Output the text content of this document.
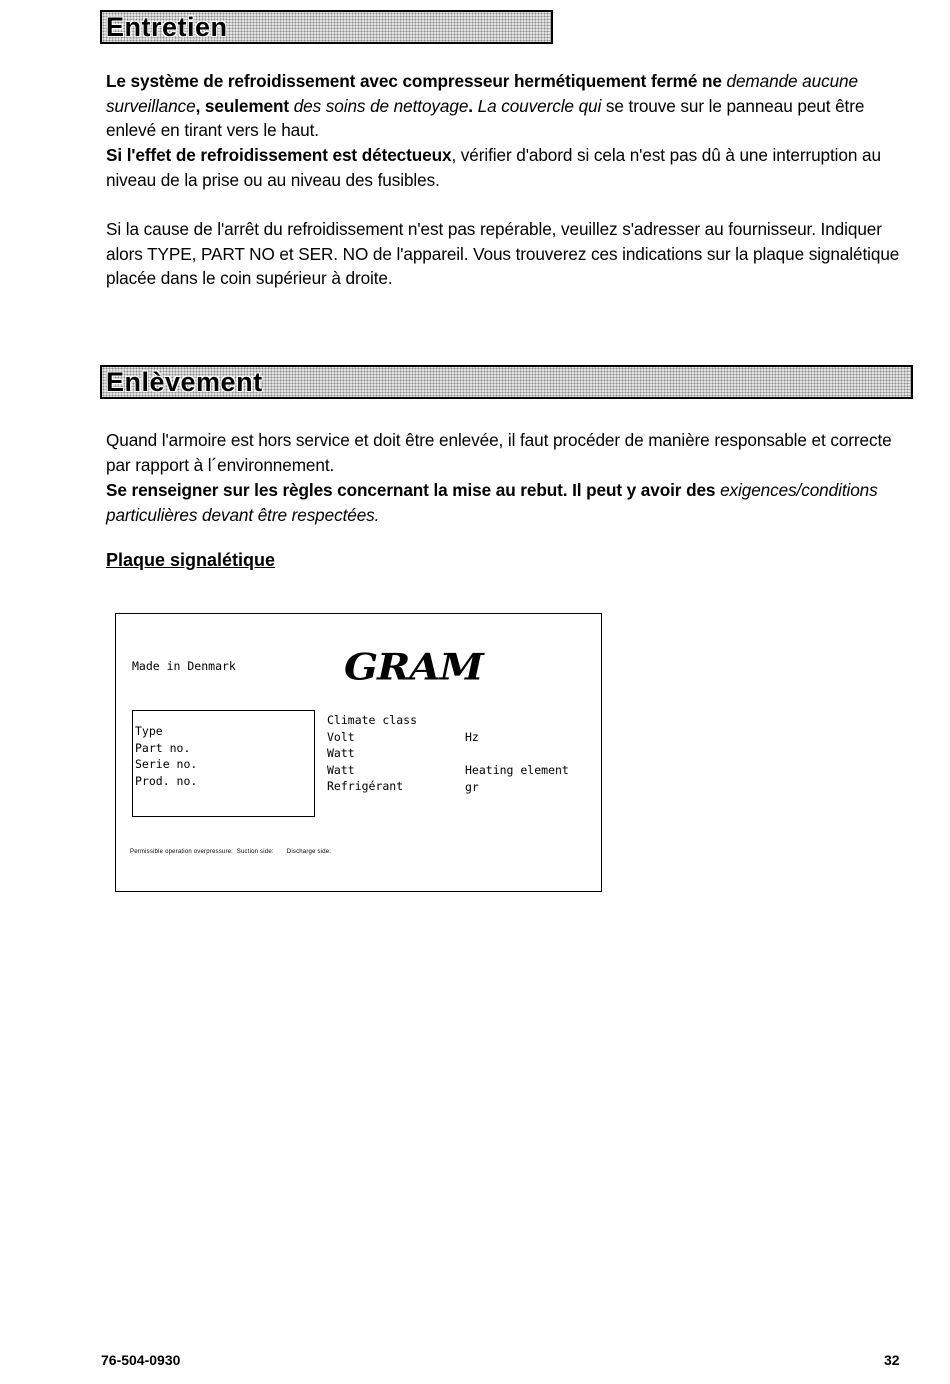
Entretien

Le système de refroidissement avec compresseur hermétiquement fermé ne demande aucune surveillance, seulement des soins de nettoyage. La couvercle qui se trouve sur le panneau peut être enlevé en tirant vers le haut.

Si l'effet de refroidissement est détectueux, vérifier d'abord si cela n'est pas dû à une interruption au niveau de la prise ou au niveau des fusibles.

Si la cause de l'arrêt du refroidissement n'est pas repérable, veuillez s'adresser au fournisseur. Indiquer alors TYPE, PART NO et SER. NO de l'appareil. Vous trouverez ces indications sur la plaque signalétique placée dans le coin supérieur à droite.

Enlèvement

Quand l'armoire est hors service et doit être enlevée, il faut procéder de manière responsable et correcte par rapport à l´environnement.

Se renseigner sur les règles concernant la mise au rebut. Il peut y avoir des exigences/conditions particulières devant être respectées.

Plaque signalétique
Made in Denmark	GRAM
Type
Part no.
Serie no.
Prod. no.
Climate class
Volt
Watt
Watt
Refrigérant
Hz

Heating element
gr
Permissible operation overpressure:  Suction side:       Discharge side:
76-504-0930	32
